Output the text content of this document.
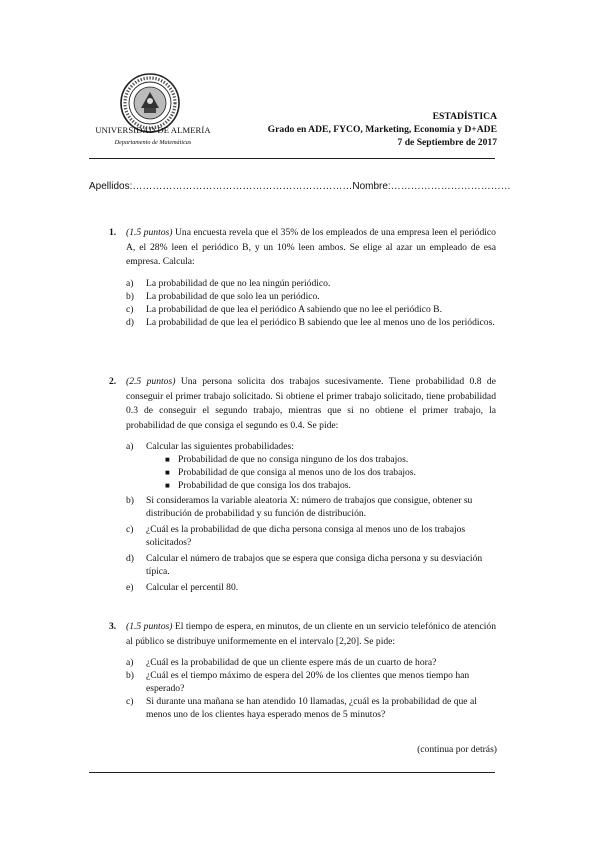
UNIVERSIDAD DE ALMERÍA
Departamento de Matemáticas
ESTADÍSTICA
Grado en ADE, FYCO, Marketing, Economía y D+ADE
7 de Septiembre de 2017
Apellidos:…………………………………………………………Nombre:………………………………
1. (1.5 puntos) Una encuesta revela que el 35% de los empleados de una empresa leen el periódico A, el 28% leen el periódico B, y un 10% leen ambos. Se elige al azar un empleado de esa empresa. Calcula:
a) La probabilidad de que no lea ningún periódico.
b) La probabilidad de que solo lea un periódico.
c) La probabilidad de que lea el periódico A sabiendo que no lee el periódico B.
d) La probabilidad de que lea el periódico B sabiendo que lee al menos uno de los periódicos.
2. (2.5 puntos) Una persona solicita dos trabajos sucesivamente. Tiene probabilidad 0.8 de conseguir el primer trabajo solicitado. Si obtiene el primer trabajo solicitado, tiene probabilidad 0.3 de conseguir el segundo trabajo, mientras que si no obtiene el primer trabajo, la probabilidad de que consiga el segundo es 0.4. Se pide:
a) Calcular las siguientes probabilidades:
■ Probabilidad de que no consiga ninguno de los dos trabajos.
■ Probabilidad de que consiga al menos uno de los dos trabajos.
■ Probabilidad de que consiga los dos trabajos.
b) Si consideramos la variable aleatoria X: número de trabajos que consigue, obtener su distribución de probabilidad y su función de distribución.
c) ¿Cuál es la probabilidad de que dicha persona consiga al menos uno de los trabajos solicitados?
d) Calcular el número de trabajos que se espera que consiga dicha persona y su desviación típica.
e) Calcular el percentil 80.
3. (1.5 puntos) El tiempo de espera, en minutos, de un cliente en un servicio telefónico de atención al público se distribuye uniformemente en el intervalo [2,20]. Se pide:
a) ¿Cuál es la probabilidad de que un cliente espere más de un cuarto de hora?
b) ¿Cuál es el tiempo máximo de espera del 20% de los clientes que menos tiempo han esperado?
c) Si durante una mañana se han atendido 10 llamadas, ¿cuál es la probabilidad de que al menos uno de los clientes haya esperado menos de 5 minutos?
(continua por detrás)
